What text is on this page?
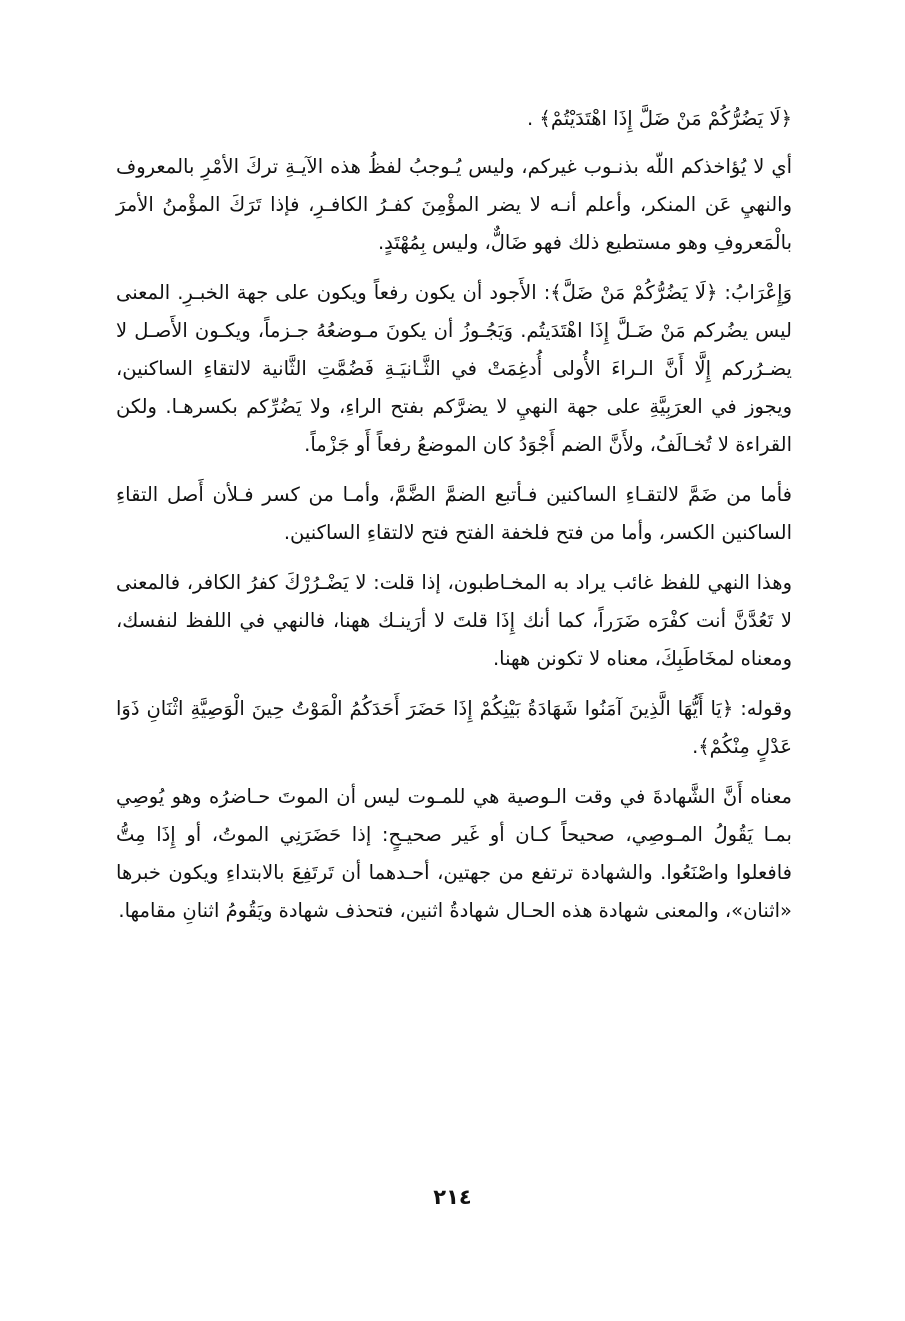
﴿لَا يَضُرُّكُمْ مَنْ ضَلَّ إِذَا اهْتَدَيْتُمْ﴾ .

أي لا يُؤاخذكم اللّه بذنـوب غيركم، وليس يُـوجبُ لفظُ هذه الآيـةِ تركَ الأمْرِ بالمعروف والنهيِ عَن المنكر، وأعلم أنـه لا يضر المؤْمِنَ كفـرُ الكافـرِ، فإذا تَرَكَ المؤْمنُ الأمرَ بالْمَعروفِ وهو مستطيع ذلك فهو ضَالٌّ، وليس بِمُهْتَدٍ.

وَإِعْرَابُ: ﴿لَا يَضُرُّكُمْ مَنْ ضَلَّ﴾: الأَجود أن يكون رفعاً ويكون على جهة الخبـرِ. المعنى ليس يضُركم مَنْ ضَـلَّ إِذَا اهْتَدَيتُم. وَيَجُـوزُ أن يكونَ مـوضعُهُ جـزماً، ويكـون الأَصـل لا يضـرُركم إِلَّا أَنَّ الـراءَ الأُولى أُدغِمَتْ في الثَّـانيَـةِ فَضُمَّتِ الثَّانية لالتقاءِ الساكنين، ويجوز في العرَبِيَّةِ على جهة النهيِ لا يضرَّكم بفتح الراءِ، ولا يَضُرِّكم بكسرهـا. ولكن القراءة لا تُخـالَفُ، ولأَنَّ الضم أَجْوَدُ كان الموضعُ رفعاً أَو جَزْماً.

فأما من ضَمَّ لالتقـاءِ الساكنين فـأتبع الضمَّ الضَّمَّ، وأمـا من كسر فـلأن أَصل التقاءِ الساكنين الكسر، وأما من فتح فلخفة الفتح فتح لالتقاءِ الساكنين.

وهذا النهي للفظ غائب يراد به المخـاطبون، إذا قلت: لا يَضْـرُرْكَ كفرُ الكافر، فالمعنى لا تَعُدَّنَّ أنت كفْرَه ضَرَراً، كما أنك إِذَا قلتَ لا أرَينـك ههنا، فالنهي في اللفظ لنفسك، ومعناه لمخَاطَبِكَ، معناه لا تكونن ههنا.

وقوله: ﴿يَا أَيُّهَا الَّذِينَ آمَنُوا شَهَادَةُ بَيْنِكُمْ إِذَا حَضَرَ أَحَدَكُمُ الْمَوْتُ حِينَ الْوَصِيَّةِ اثْنَانِ ذَوَا عَدْلٍ مِنْكُمْ﴾.

معناه أَنَّ الشَّهادةَ في وقت الـوصية هي للمـوت ليس أن الموتَ حـاضرُه وهو يُوصِي بمـا يَقُولُ المـوصِي، صحيحاً كـان أو غَير صحيـحٍ: إذا حَضَرَنِي الموتُ، أو إِذَا مِتُّ فافعلوا واصْنَعُوا. والشهادة ترتفع من جهتين، أحـدهما أن تَرتَفِعَ بالابتداءِ ويكون خبرها «اثنان»، والمعنى شهادة هذه الحـال شهادةُ اثنين، فتحذف شهادة ويَقُومُ اثنانِ مقامها.

٢١٤
